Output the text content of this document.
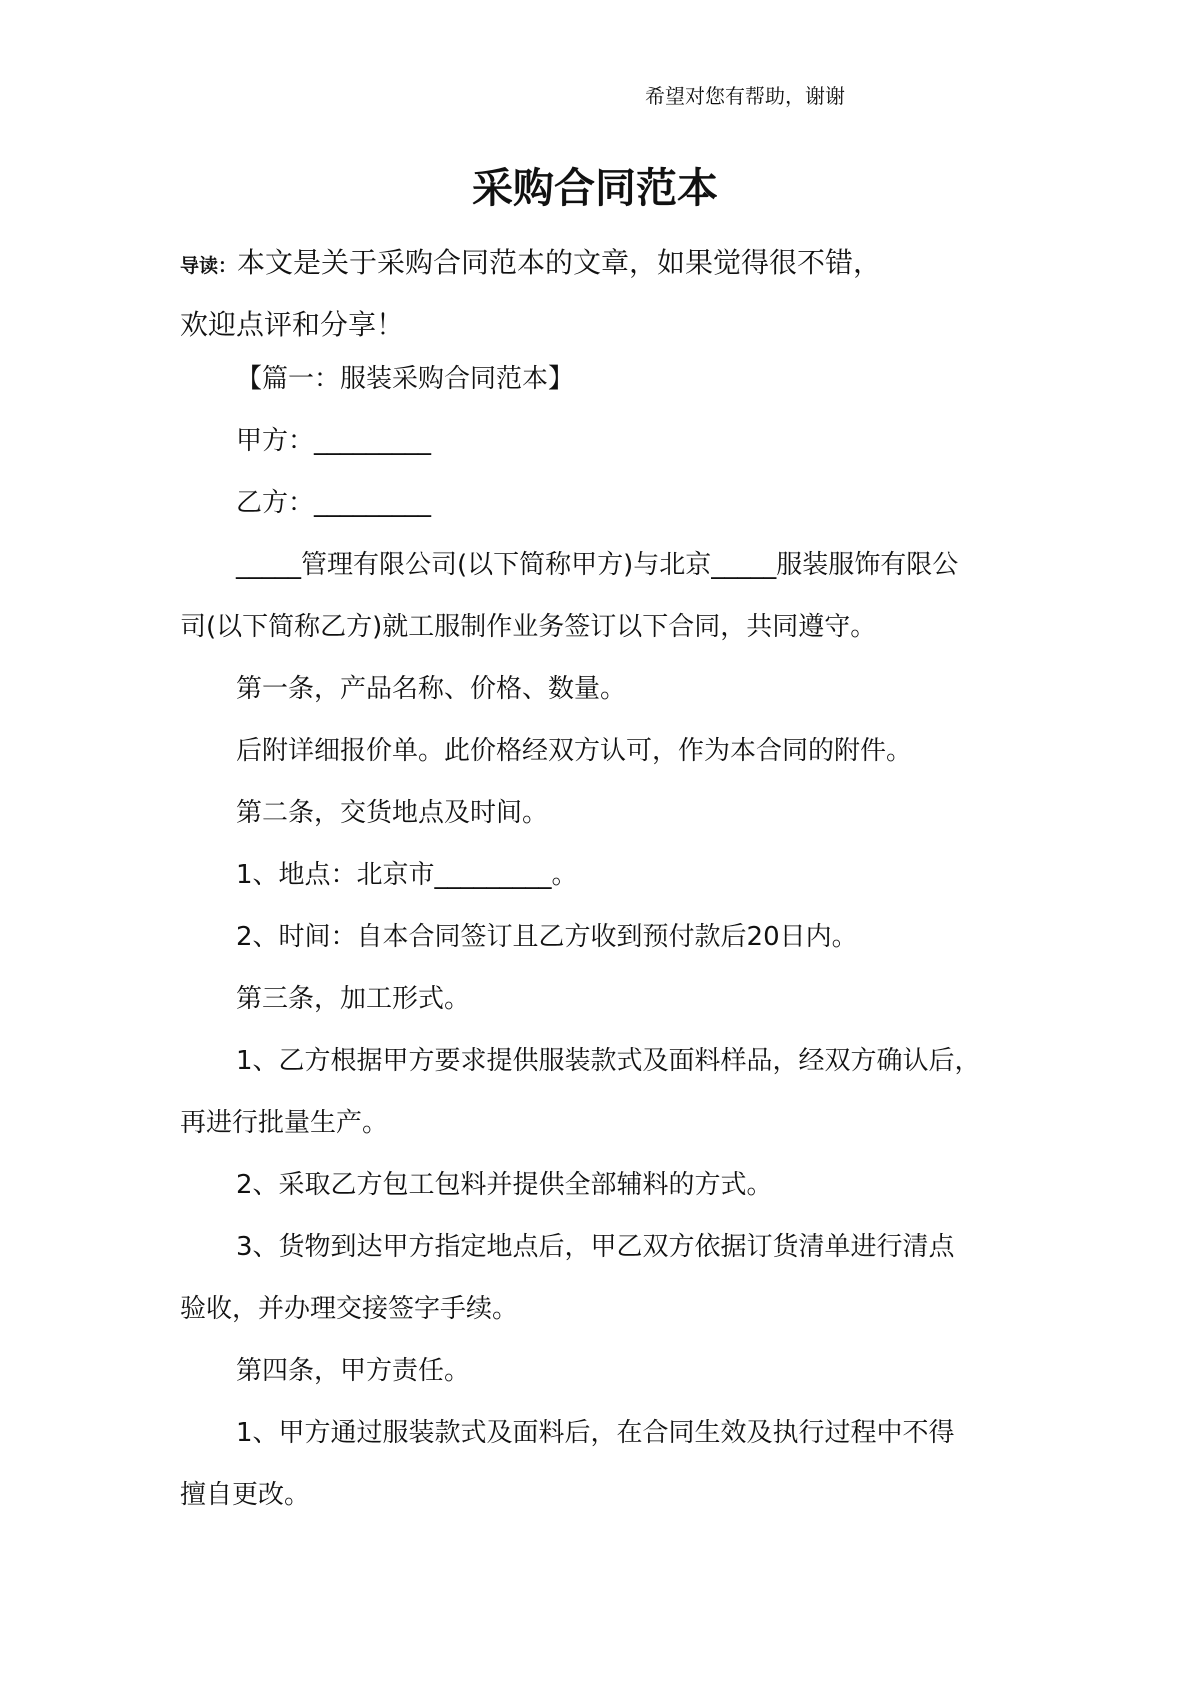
希望对您有帮助，谢谢
采购合同范本
导读：本文是关于采购合同范本的文章，如果觉得很不错，
欢迎点评和分享！
【篇一：服装采购合同范本】
甲方：_________
乙方：_________
_____管理有限公司(以下简称甲方)与北京_____服装服饰有限公
司(以下简称乙方)就工服制作业务签订以下合同，共同遵守。
第一条，产品名称、价格、数量。
后附详细报价单。此价格经双方认可，作为本合同的附件。
第二条，交货地点及时间。
1、地点：北京市_________。
2、时间：自本合同签订且乙方收到预付款后20日内。
第三条，加工形式。
1、乙方根据甲方要求提供服装款式及面料样品，经双方确认后，
再进行批量生产。
2、采取乙方包工包料并提供全部辅料的方式。
3、货物到达甲方指定地点后，甲乙双方依据订货清单进行清点
验收，并办理交接签字手续。
第四条，甲方责任。
1、甲方通过服装款式及面料后，在合同生效及执行过程中不得
擅自更改。
